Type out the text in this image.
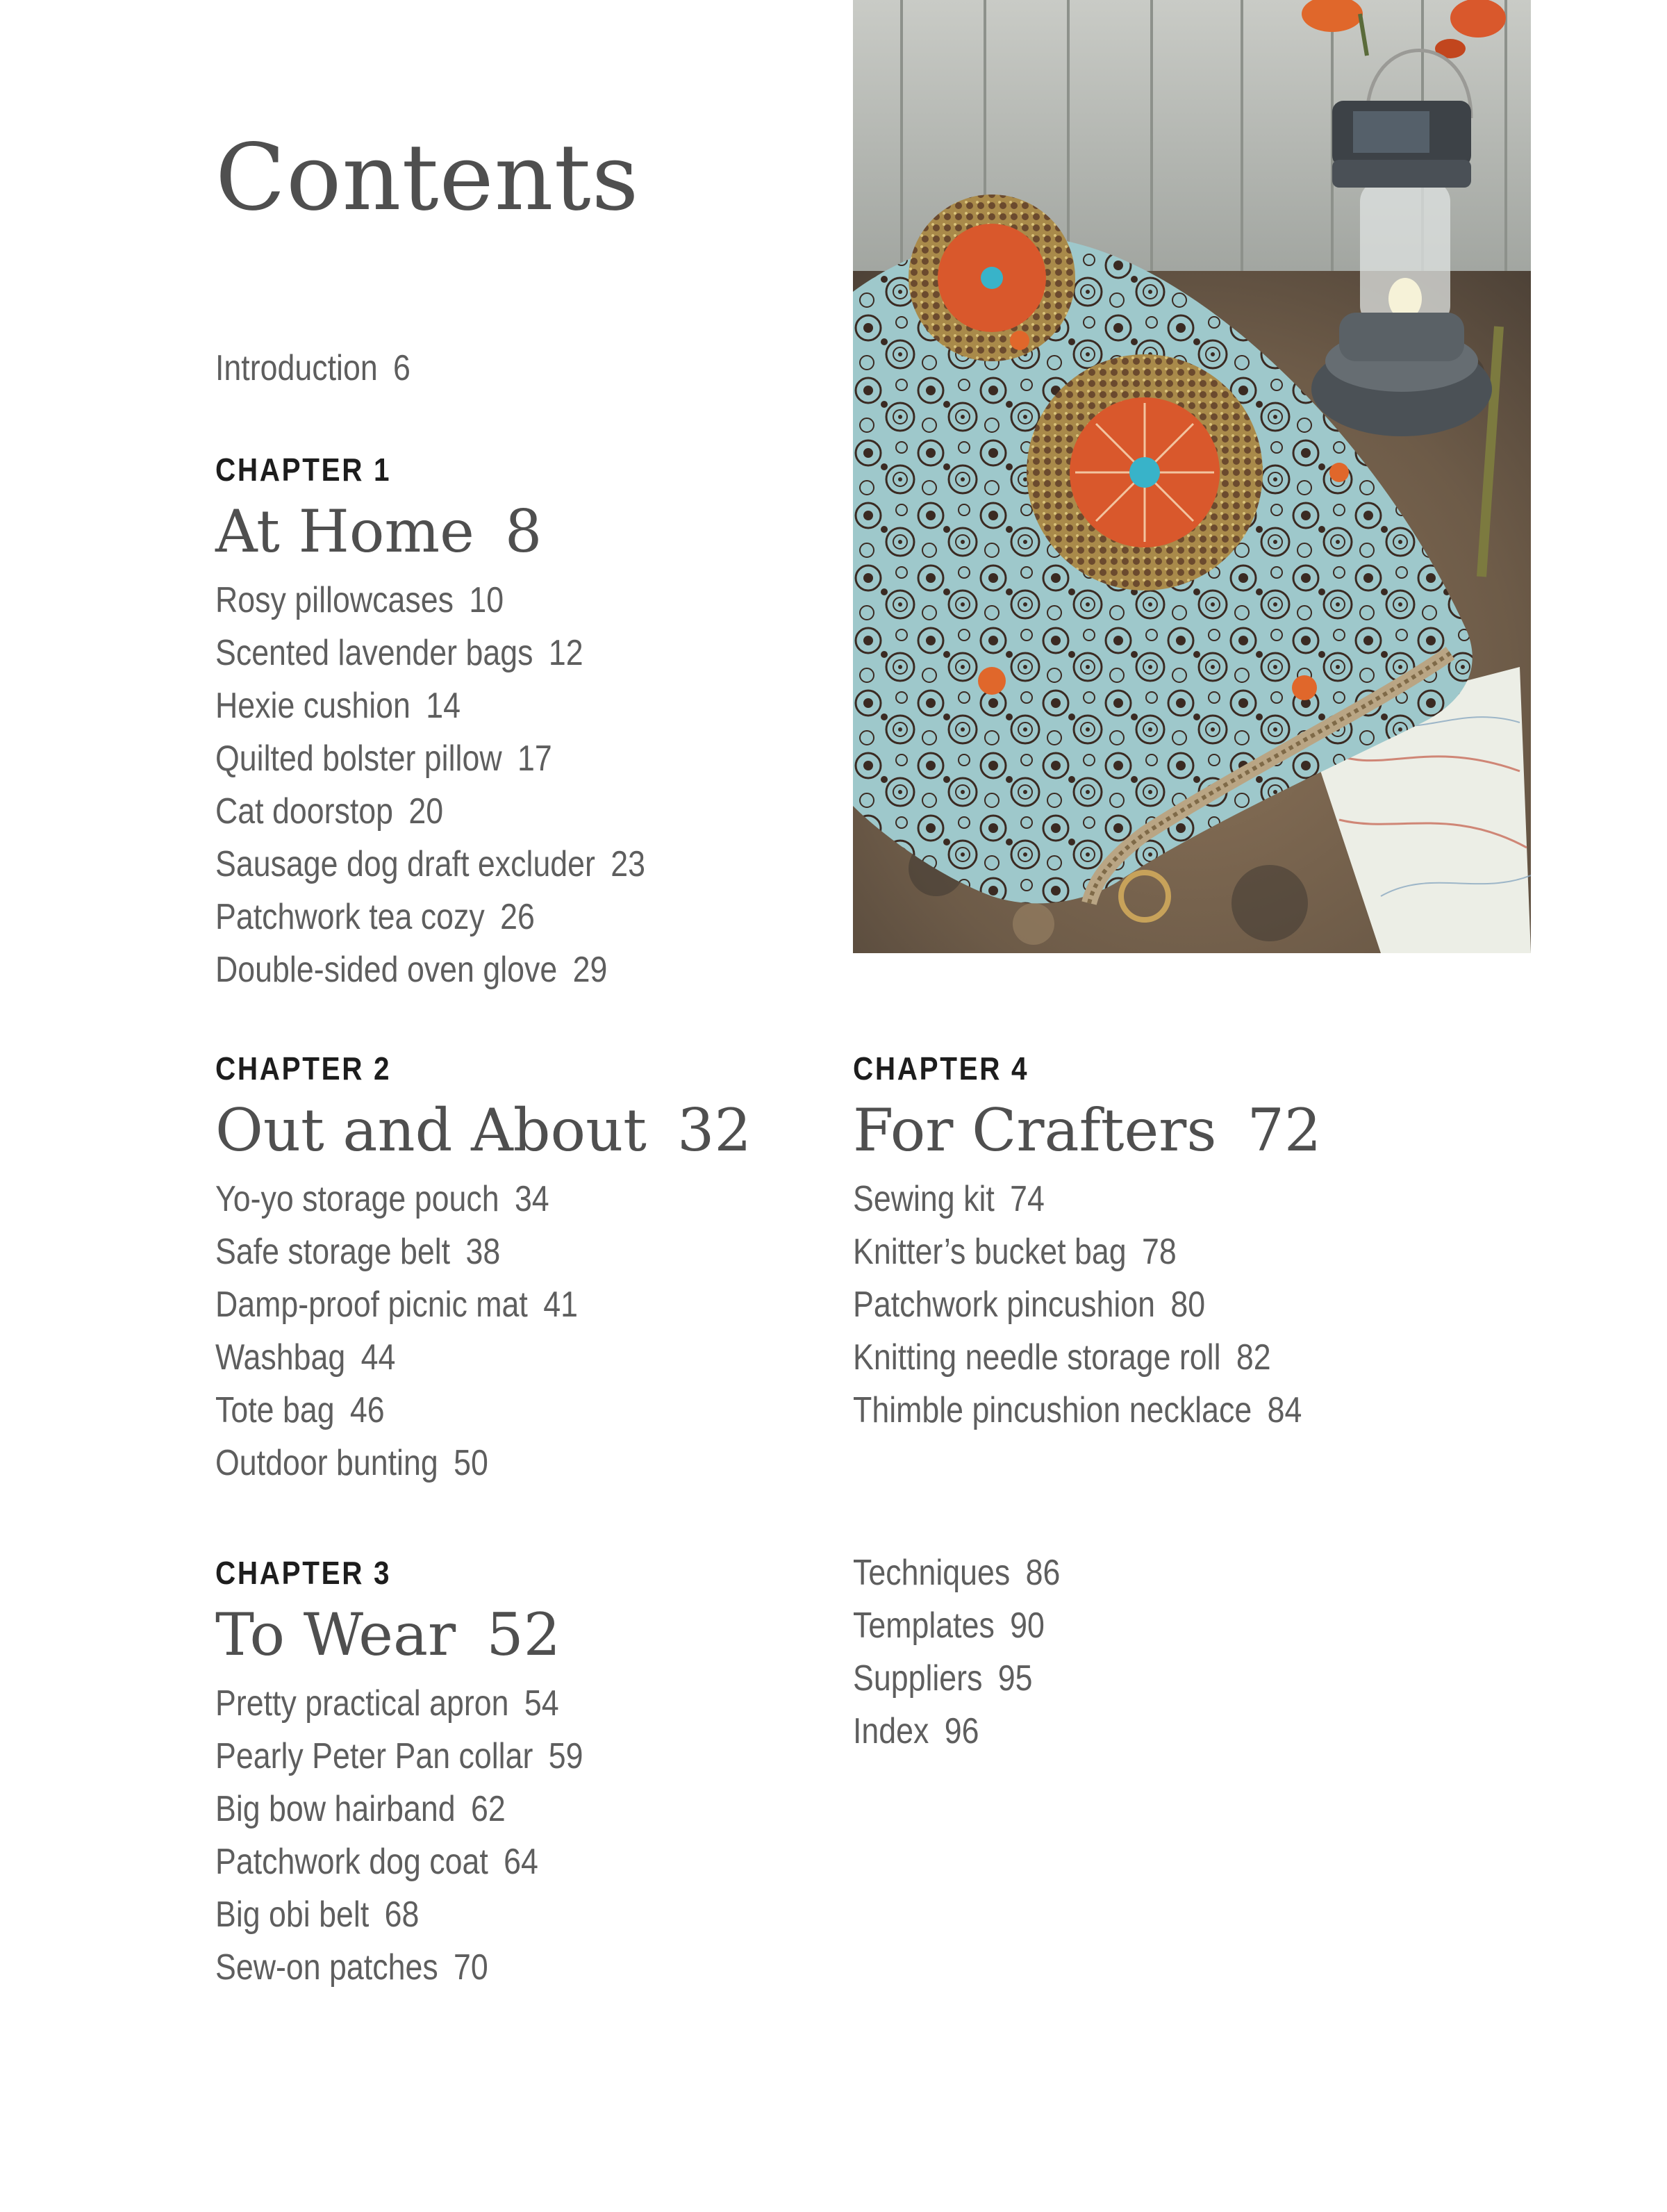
Contents
Introduction 6
CHAPTER 1
At Home 8
Rosy pillowcases 10
Scented lavender bags 12
Hexie cushion 14
Quilted bolster pillow 17
Cat doorstop 20
Sausage dog draft excluder 23
Patchwork tea cozy 26
Double-sided oven glove 29
CHAPTER 2
Out and About 32
Yo-yo storage pouch 34
Safe storage belt 38
Damp-proof picnic mat 41
Washbag 44
Tote bag 46
Outdoor bunting 50
CHAPTER 3
To Wear 52
Pretty practical apron 54
Pearly Peter Pan collar 59
Big bow hairband 62
Patchwork dog coat 64
Big obi belt 68
Sew-on patches 70
CHAPTER 4
For Crafters 72
Sewing kit 74
Knitter’s bucket bag 78
Patchwork pincushion 80
Knitting needle storage roll 82
Thimble pincushion necklace 84
Techniques 86
Templates 90
Suppliers 95
Index 96
